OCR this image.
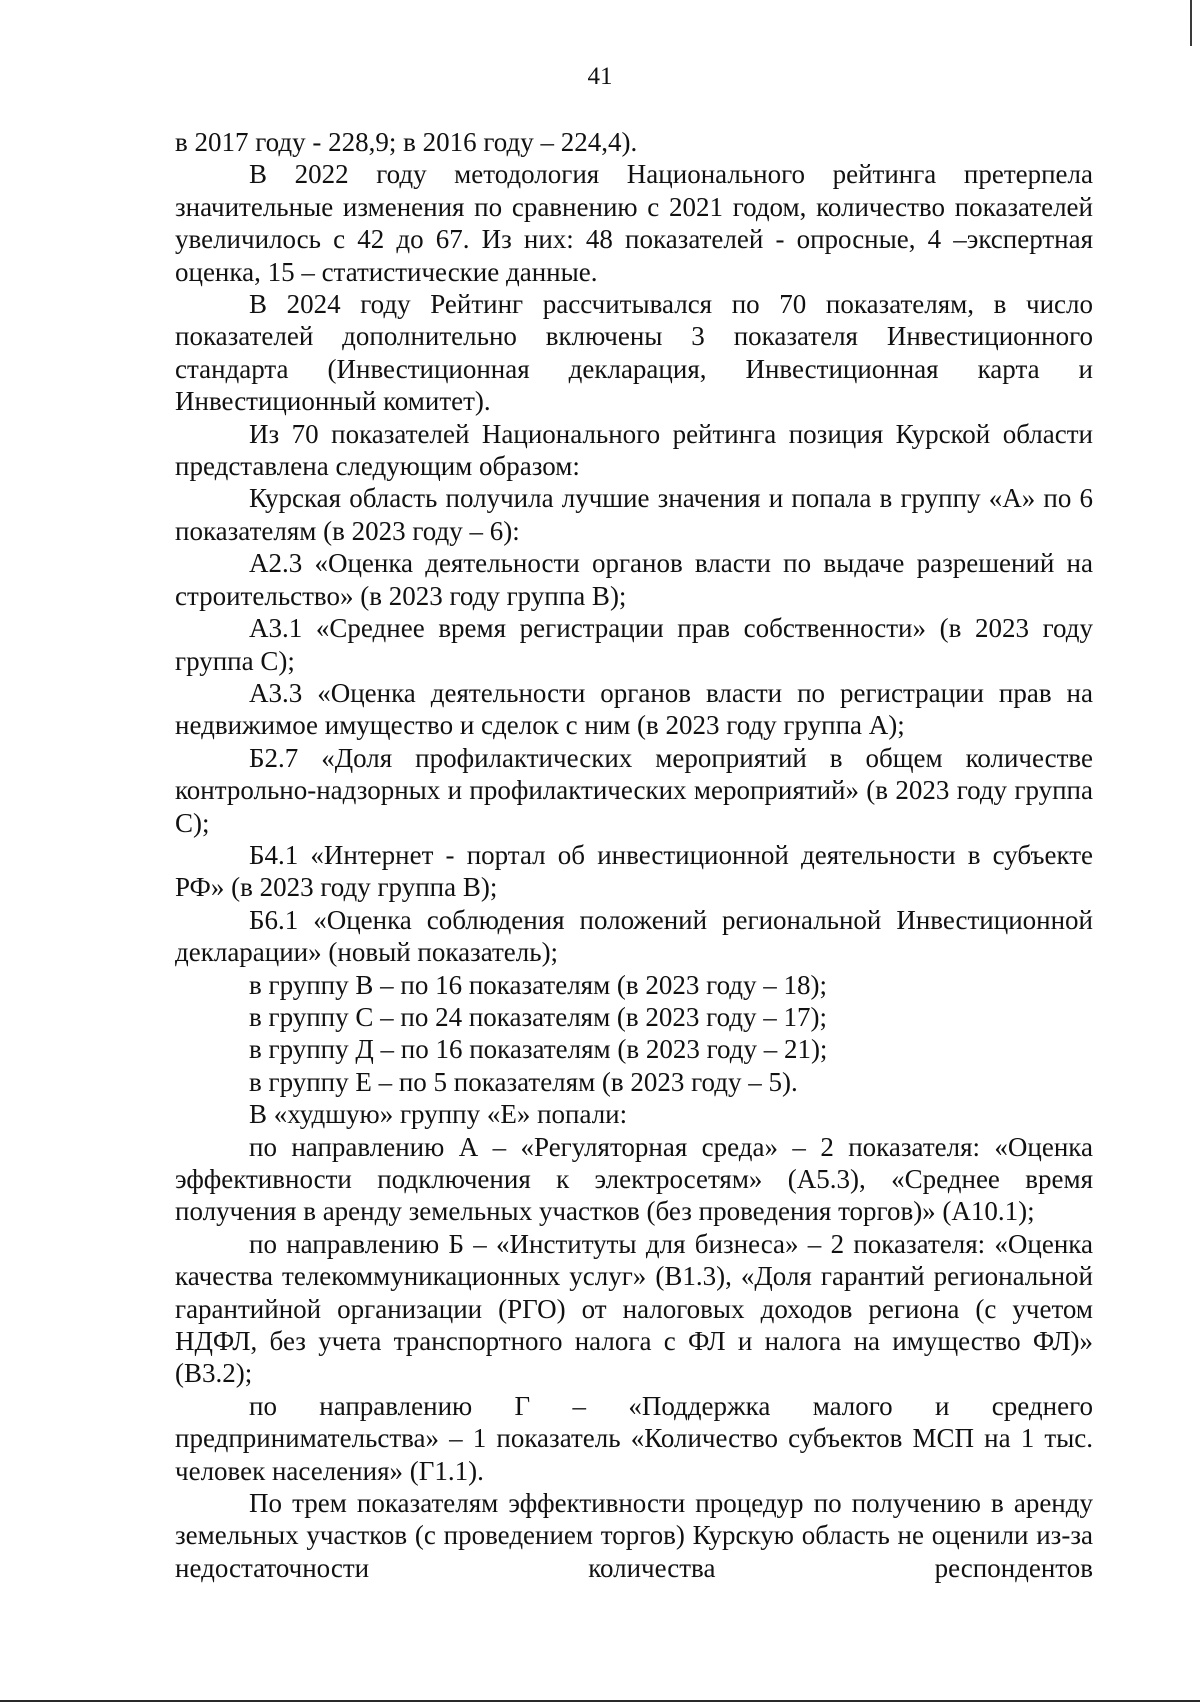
41

в 2017 году - 228,9; в 2016 году – 224,4).

В 2022 году методология Национального рейтинга претерпела значительные изменения по сравнению с 2021 годом, количество показателей увеличилось с 42 до 67. Из них: 48 показателей - опросные, 4 –экспертная оценка, 15 – статистические данные.

В 2024 году Рейтинг рассчитывался по 70 показателям, в число показателей дополнительно включены 3 показателя Инвестиционного стандарта (Инвестиционная декларация, Инвестиционная карта и Инвестиционный комитет).

Из 70 показателей Национального рейтинга позиция Курской области представлена следующим образом:

Курская область получила лучшие значения и попала в группу «А» по 6 показателям (в 2023 году – 6):

А2.3 «Оценка деятельности органов власти по выдаче разрешений на строительство» (в 2023 году группа В);

А3.1 «Среднее время регистрации прав собственности» (в 2023 году группа С);

А3.3 «Оценка деятельности органов власти по регистрации прав на недвижимое имущество и сделок с ним (в 2023 году группа А);

Б2.7 «Доля профилактических мероприятий в общем количестве контрольно-надзорных и профилактических мероприятий» (в 2023 году группа С);

Б4.1 «Интернет - портал об инвестиционной деятельности в субъекте РФ» (в 2023 году группа В);

Б6.1 «Оценка соблюдения положений региональной Инвестиционной декларации» (новый показатель);

в группу В – по 16 показателям (в 2023 году – 18);

в группу С – по 24 показателям (в 2023 году – 17);

в группу Д – по 16 показателям (в 2023 году – 21);

в группу Е – по 5 показателям (в 2023 году – 5).

В «худшую» группу «Е» попали:

по направлению А – «Регуляторная среда» – 2 показателя: «Оценка эффективности подключения к электросетям» (А5.3), «Среднее время получения в аренду земельных участков (без проведения торгов)» (А10.1);

по направлению Б – «Институты для бизнеса» – 2 показателя: «Оценка качества телекоммуникационных услуг» (В1.3), «Доля гарантий региональной гарантийной организации (РГО) от налоговых доходов региона (с учетом НДФЛ, без учета транспортного налога с ФЛ и налога на имущество ФЛ)» (В3.2);

по направлению Г – «Поддержка малого и среднего предпринимательства» – 1 показатель «Количество субъектов МСП на 1 тыс. человек населения» (Г1.1).

По трем показателям эффективности процедур по получению в аренду земельных участков (с проведением торгов) Курскую область не оценили из-за недостаточности количества респондентов
